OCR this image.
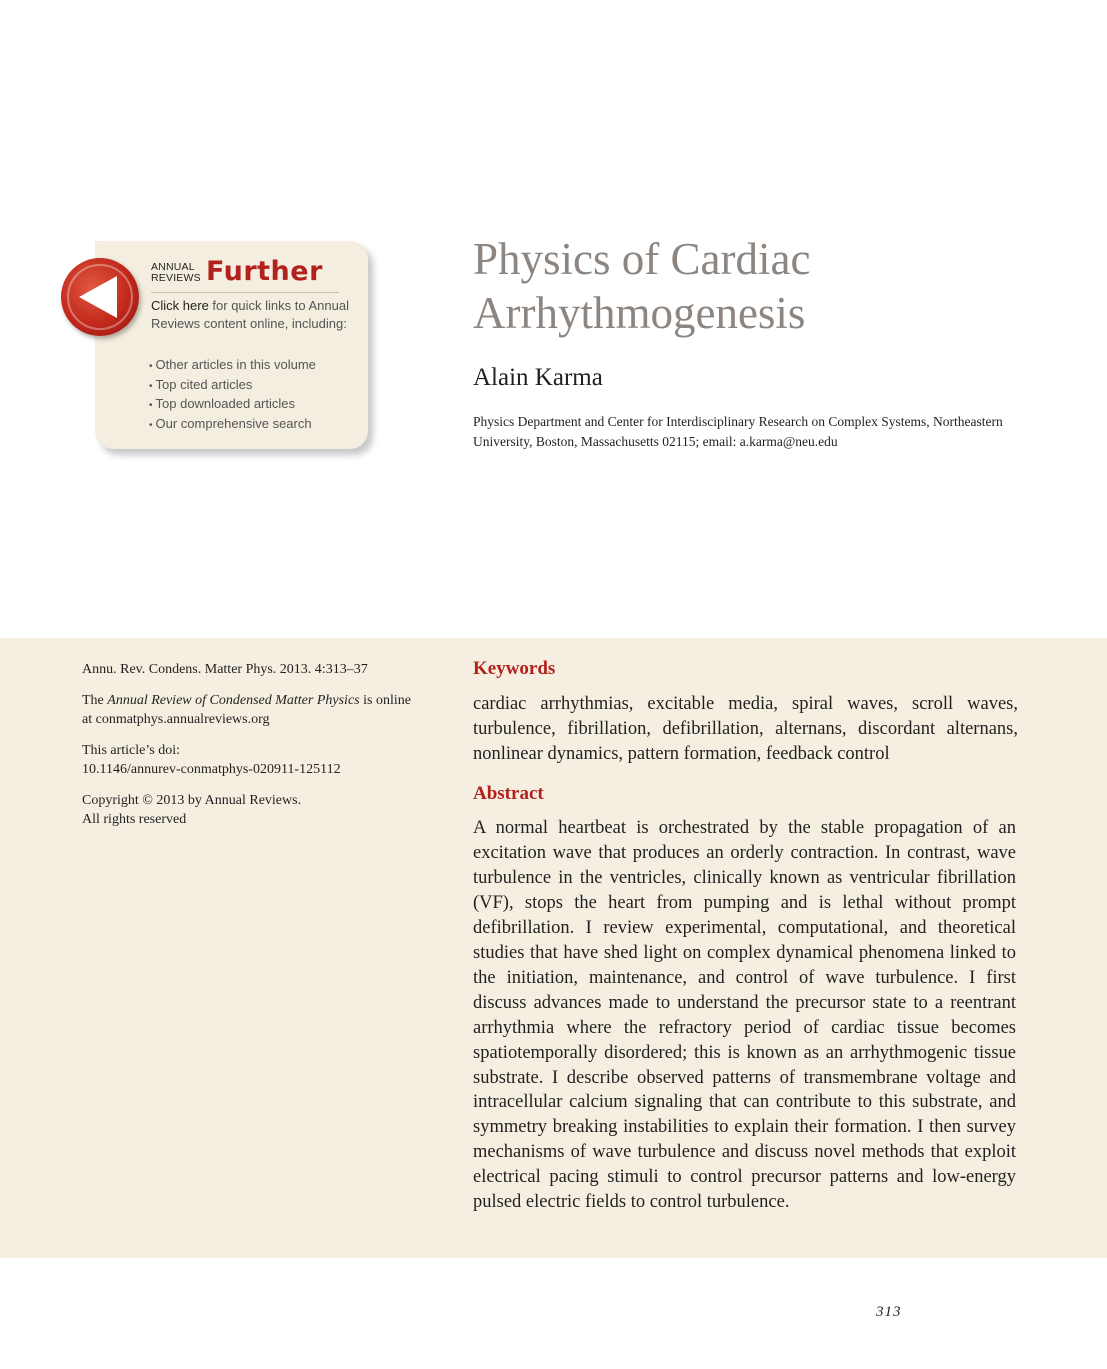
ANNUAL
REVIEWS Further
Click here for quick links to Annual Reviews content online, including:
• Other articles in this volume
• Top cited articles
• Top downloaded articles
• Our comprehensive search
Physics of Cardiac Arrhythmogenesis
Alain Karma
Physics Department and Center for Interdisciplinary Research on Complex Systems, Northeastern University, Boston, Massachusetts 02115; email: a.karma@neu.edu

Annu. Rev. Condens. Matter Phys. 2013. 4:313–37

The Annual Review of Condensed Matter Physics is online at conmatphys.annualreviews.org

This article’s doi:
10.1146/annurev-conmatphys-020911-125112

Copyright © 2013 by Annual Reviews.
All rights reserved

Keywords

cardiac arrhythmias, excitable media, spiral waves, scroll waves, turbulence, fibrillation, defibrillation, alternans, discordant alternans, nonlinear dynamics, pattern formation, feedback control

Abstract

A normal heartbeat is orchestrated by the stable propagation of an excitation wave that produces an orderly contraction. In contrast, wave turbulence in the ventricles, clinically known as ventricular fibrillation (VF), stops the heart from pumping and is lethal without prompt defibrillation. I review experimental, computational, and theoretical studies that have shed light on complex dynamical phenomena linked to the initiation, maintenance, and control of wave turbulence. I first discuss advances made to understand the precursor state to a reentrant arrhythmia where the refractory period of cardiac tissue becomes spatiotemporally disordered; this is known as an arrhythmogenic tissue substrate. I describe observed patterns of transmembrane voltage and intracellular calcium signaling that can contribute to this substrate, and symmetry breaking instabilities to explain their formation. I then survey mechanisms of wave turbulence and discuss novel methods that exploit electrical pacing stimuli to control precursor patterns and low-energy pulsed electric fields to control turbulence.

313
